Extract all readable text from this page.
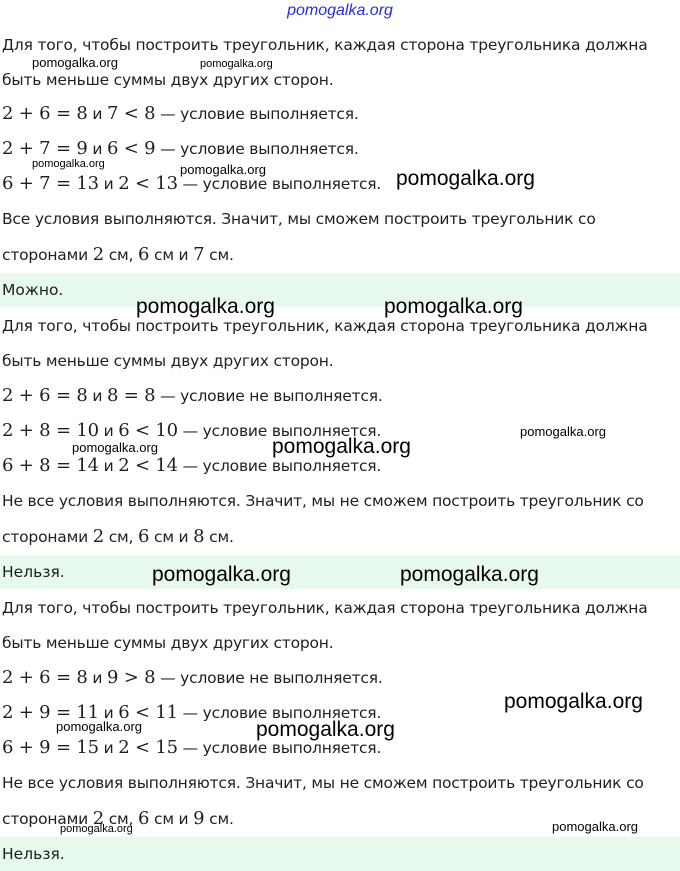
pomogalka.org
Для того, чтобы построить треугольник, каждая сторона треугольника должна
быть меньше суммы двух других сторон.
2 + 6 = 8 и 7 < 8 — условие выполняется.
2 + 7 = 9 и 6 < 9 — условие выполняется.
6 + 7 = 13 и 2 < 13 — условие выполняется.
Все условия выполняются. Значит, мы сможем построить треугольник со
сторонами 2 см, 6 см и 7 см.
Можно.
Для того, чтобы построить треугольник, каждая сторона треугольника должна
быть меньше суммы двух других сторон.
2 + 6 = 8 и 8 = 8 — условие не выполняется.
2 + 8 = 10 и 6 < 10 — условие выполняется.
6 + 8 = 14 и 2 < 14 — условие выполняется.
Не все условия выполняются. Значит, мы не сможем построить треугольник со
сторонами 2 см, 6 см и 8 см.
Нельзя.
Для того, чтобы построить треугольник, каждая сторона треугольника должна
быть меньше суммы двух других сторон.
2 + 6 = 8 и 9 > 8 — условие не выполняется.
2 + 9 = 11 и 6 < 11 — условие выполняется.
6 + 9 = 15 и 2 < 15 — условие выполняется.
Не все условия выполняются. Значит, мы не сможем построить треугольник со
сторонами 2 см, 6 см и 9 см.
Нельзя.
pomogalka.org	pomogalka.org
pomogalka.org	pomogalka.org	pomogalka.org
pomogalka.org	pomogalka.org
pomogalka.org
pomogalka.org	pomogalka.org
pomogalka.org	pomogalka.org
pomogalka.org
pomogalka.org	pomogalka.org
pomogalka.org
pomogalka.org
